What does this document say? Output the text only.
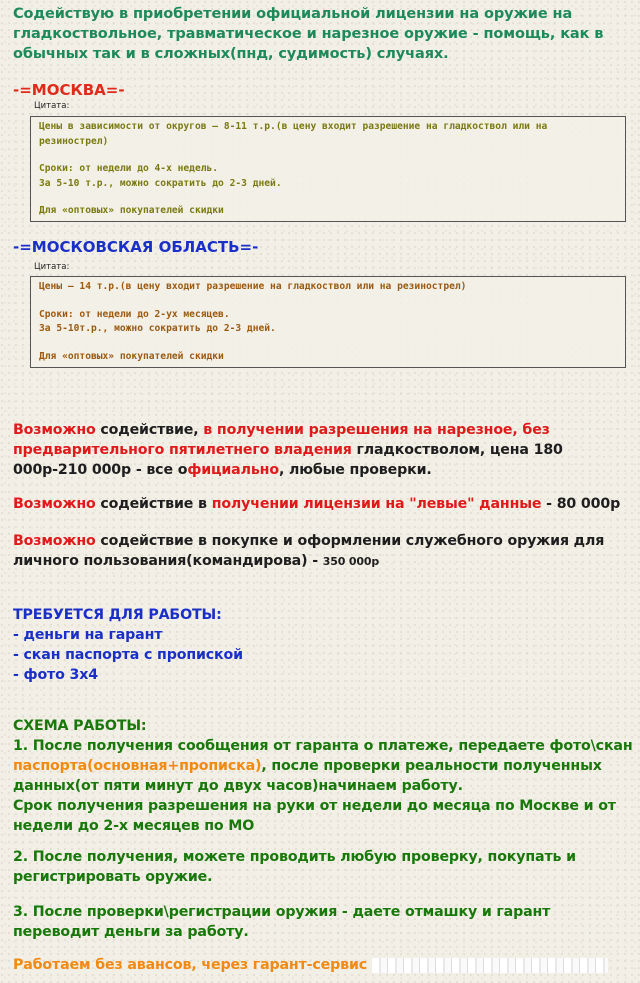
Содействую в приобретении официальной лицензии на оружие на гладкоствольное, травматическое и нарезное оружие - помощь, как в обычных так и в сложных(пнд, судимость) случаях.

-=МОСКВА=-
Цитата:

Цены в зависимости от округов – 8-11 т.р.(в цену входит разрешение на гладкоствол или на резинострел)

Сроки: от недели до 4-х недель.

За 5-10 т.р., можно сократить до 2-3 дней.

Для «оптовых» покупателей скидки

-=МОСКОВСКАЯ ОБЛАСТЬ=-
Цитата:

Цены – 14 т.р.(в цену входит разрешение на гладкоствол или на резинострел)

Сроки: от недели до 2-ух месяцев.

За 5-10т.р., можно сократить до 2-3 дней.

Для «оптовых» покупателей скидки

Возможно содействие, в получении разрешения на нарезное, без предварительного пятилетнего владения гладкостволом, цена 180 000р-210 000р - все официально, любые проверки.

Возможно содействие в получении лицензии на "левые" данные - 80 000р

Возможно содействие в покупке и оформлении служебного оружия для личного пользования(командирова) - 350 000р

ТРЕБУЕТСЯ ДЛЯ РАБОТЫ:
- деньги на гарант
- скан паспорта с пропиской
- фото 3х4
СХЕМА РАБОТЫ:
1. После получения сообщения от гаранта о платеже, передаете фото\скан паспорта(основная+прописка), после проверки реальности полученных данных(от пяти минут до двух часов)начинаем работу.
Срок получения разрешения на руки от недели до месяца по Москве и от недели до 2-х месяцев по МО
2. После получения, можете проводить любую проверку, покупать и регистрировать оружие.
3. После проверки\регистрации оружия - даете отмашку и гарант переводит деньги за работу.
Работаем без авансов, через гарант-сервис
